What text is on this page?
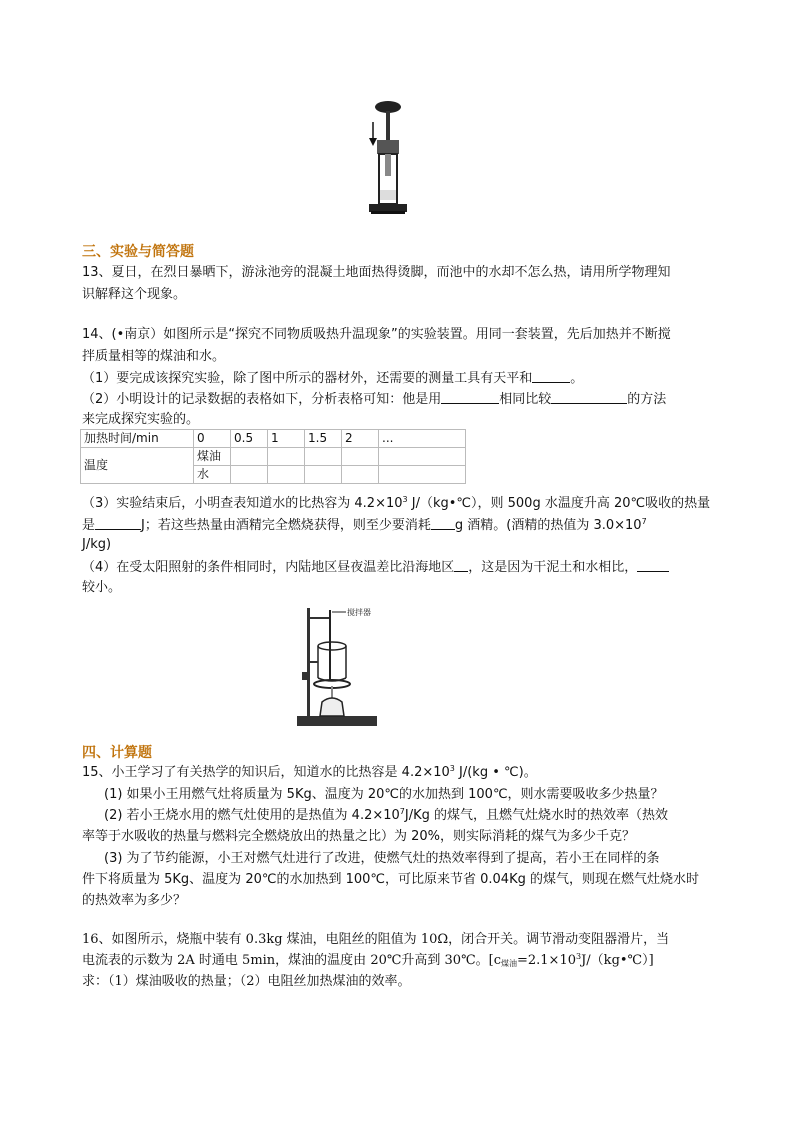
三、实验与简答题
13、夏日，在烈日暴晒下，游泳池旁的混凝土地面热得烫脚，而池中的水却不怎么热，请用所学物理知
识解释这个现象。
14、(•南京）如图所示是“探究不同物质吸热升温现象”的实验装置。用同一套装置，先后加热并不断搅
拌质量相等的煤油和水。
（1）要完成该探究实验，除了图中所示的器材外，还需要的测量工具有天平和	。
（2）小明设计的记录数据的表格如下，分析表格可知：他是用	相同比较	的方法
来完成探究实验的。
加热时间/min	0	0.5	1	1.5	2	...
温度	煤油					
	水					
（3）实验结束后，小明查表知道水的比热容为 $4.2\times 10^3$ J/（kg•℃），则 500g 水温度升高 20℃吸收的热量
是	J；若这些热量由酒精完全燃烧获得，则至少要消耗 g 酒精。(酒精的热值为 $3.0\times 10^7$
J/kg)
（4）在受太阳照射的条件相同时，内陆地区昼夜温差比沿海地区 ，这是因为干泥土和水相比，
较小。
搅拌器
四、计算题
15、小王学习了有关热学的知识后，知道水的比热容是 $4.2\times 10^3$ J/(kg • ℃)。
(1) 如果小王用燃气灶将质量为 5Kg、温度为 20℃的水加热到 100℃，则水需要吸收多少热量？
(2) 若小王烧水用的燃气灶使用的是热值为 $4.2\times 10^7J/Kg$ 的煤气，且燃气灶烧水时的热效率（热效
率等于水吸收的热量与燃料完全燃烧放出的热量之比）为 20%，则实际消耗的煤气为多少千克？
(3) 为了节约能源，小王对燃气灶进行了改进，使燃气灶的热效率得到了提高，若小王在同样的条
件下将质量为 5Kg、温度为 20℃的水加热到 100℃，可比原来节省 0.04Kg 的煤气，则现在燃气灶烧水时
的热效率为多少？
16、如图所示，烧瓶中装有 0.3kg 煤油，电阻丝的阻值为 10Ω，闭合开关。调节滑动变阻器滑片，当
电流表的示数为 2A 时通电 5min，煤油的温度由 20℃升高到 30℃。$[c_{煤油}=2.1\times 10^3J/(kg•℃)]$
求：（1）煤油吸收的热量；（2）电阻丝加热煤油的效率。
